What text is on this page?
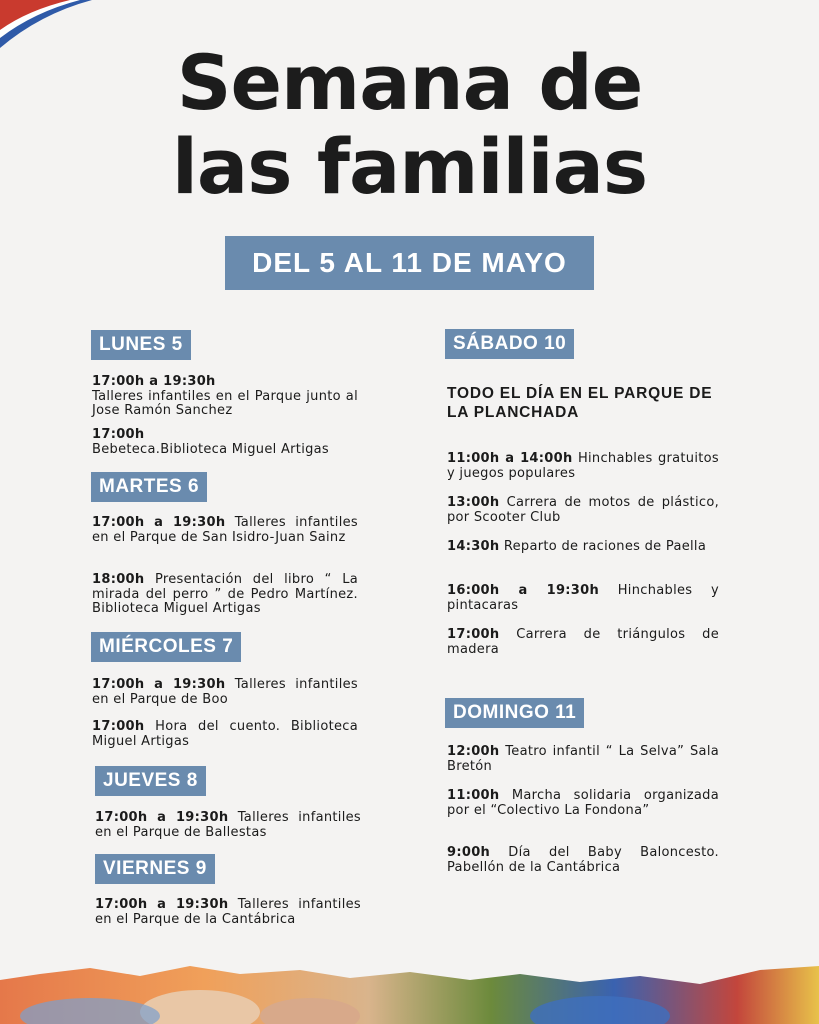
Semana de
las familias
DEL 5 AL 11 DE MAYO
LUNES 5
17:00h a 19:30h
Talleres infantiles en el Parque junto al Jose Ramón Sanchez
17:00h
Bebeteca.Biblioteca Miguel Artigas
MARTES 6
17:00h a 19:30h Talleres infantiles en el Parque de San Isidro-Juan Sainz
18:00h Presentación del libro “ La mirada del perro ” de Pedro Martínez. Biblioteca Miguel Artigas
MIÉRCOLES 7
17:00h a 19:30h Talleres infantiles en el Parque de Boo
17:00h Hora del cuento. Biblioteca Miguel Artigas
JUEVES 8
17:00h a 19:30h Talleres infantiles en el Parque de Ballestas
VIERNES 9
17:00h a 19:30h Talleres infantiles en el Parque de la Cantábrica
SÁBADO 10
TODO EL DÍA EN EL PARQUE DE LA PLANCHADA
11:00h a 14:00h Hinchables gratuitos y juegos populares
13:00h Carrera de motos de plástico, por Scooter Club
14:30h Reparto de raciones de Paella
16:00h a 19:30h Hinchables y pintacaras
17:00h Carrera de triángulos de madera
DOMINGO 11
12:00h Teatro infantil “ La Selva” Sala Bretón
11:00h Marcha solidaria organizada por el “Colectivo La Fondona”
9:00h Día del Baby Baloncesto. Pabellón de la Cantábrica
